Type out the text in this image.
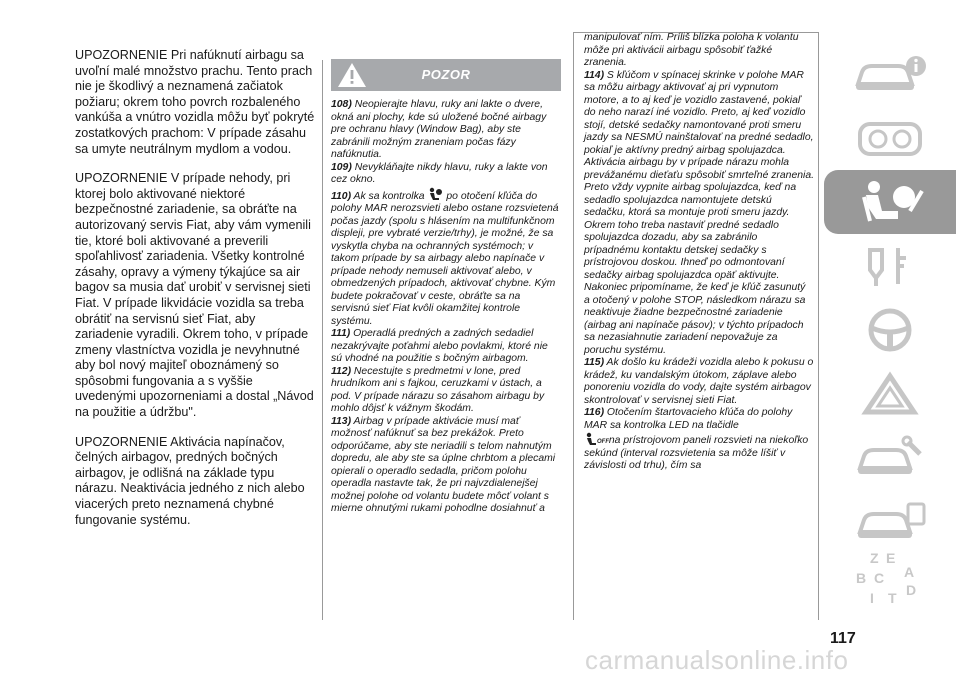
UPOZORNENIE Pri nafúknutí airbagu sa uvoľní malé množstvo prachu. Tento prach nie je škodlivý a neznamená začiatok požiaru; okrem toho povrch rozbaleného vankúša a vnútro vozidla môžu byť pokryté zostatkových prachom: V prípade zásahu sa umyte neutrálnym mydlom a vodou.

UPOZORNENIE V prípade nehody, pri ktorej bolo aktivované niektoré bezpečnostné zariadenie, sa obráťte na autorizovaný servis Fiat, aby vám vymenili tie, ktoré boli aktivované a preverili spoľahlivosť zariadenia. Všetky kontrolné zásahy, opravy a výmeny týkajúce sa air bagov sa musia dať urobiť v servisnej sieti Fiat. V prípade likvidácie vozidla sa treba obrátiť na servisnú sieť Fiat, aby zariadenie vyradili. Okrem toho, v prípade zmeny vlastníctva vozidla je nevyhnutné aby bol nový majiteľ oboznámený so spôsobmi fungovania a s vyššie uvedenými upozorneniami a dostal „Návod na použitie a údržbu".

UPOZORNENIE Aktivácia napínačov, čelných airbagov, predných bočných airbagov, je odlišná na základe typu nárazu. Neaktivácia jedného z nich alebo viacerých preto neznamená chybné fungovanie systému.

POZOR

108) Neopierajte hlavu, ruky ani lakte o dvere, okná ani plochy, kde sú uložené bočné airbagy pre ochranu hlavy (Window Bag), aby ste zabránili možným zraneniam počas fázy nafúknutia.

109) Nevykláňajte nikdy hlavu, ruky a lakte von cez okno.

110) Ak sa kontrolka po otočení kľúča do polohy MAR nerozsvieti alebo ostane rozsvietená počas jazdy (spolu s hlásením na multifunkčnom displeji, pre vybraté verzie/trhy), je možné, že sa vyskytla chyba na ochranných systémoch; v takom prípade by sa airbagy alebo napínače v prípade nehody nemuseli aktivovať alebo, v obmedzených prípadoch, aktivovať chybne. Kým budete pokračovať v ceste, obráťte sa na servisnú sieť Fiat kvôli okamžitej kontrole systému.

111) Operadlá predných a zadných sedadiel nezakrývajte poťahmi alebo povlakmi, ktoré nie sú vhodné na použitie s bočným airbagom.

112) Necestujte s predmetmi v lone, pred hrudníkom ani s fajkou, ceruzkami v ústach, a pod. V prípade nárazu so zásahom airbagu by mohlo dôjsť k vážnym škodám.

113) Airbag v prípade aktivácie musí mať možnosť nafúknuť sa bez prekážok. Preto odporúčame, aby ste neriadili s telom nahnutým dopredu, ale aby ste sa úplne chrbtom a plecami opierali o operadlo sedadla, pričom polohu operadla nastavte tak, že pri najvzdialenejšej možnej polohe od volantu budete môcť volant s mierne ohnutými rukami pohodlne dosiahnuť a

manipulovať ním. Príliš blízka poloha k volantu môže pri aktivácii airbagu spôsobiť ťažké zranenia.

114) S kľúčom v spínacej skrinke v polohe MAR sa môžu airbagy aktivovať aj pri vypnutom motore, a to aj keď je vozidlo zastavené, pokiaľ do neho narazí iné vozidlo. Preto, aj keď vozidlo stojí, detské sedačky namontované proti smeru jazdy sa NESMÚ nainštalovať na predné sedadlo, pokiaľ je aktívny predný airbag spolujazdca. Aktivácia airbagu by v prípade nárazu mohla prevážanému dieťaťu spôsobiť smrteľné zranenia. Preto vždy vypnite airbag spolujazdca, keď na sedadlo spolujazdca namontujete detskú sedačku, ktorá sa montuje proti smeru jazdy. Okrem toho treba nastaviť predné sedadlo spolujazdca dozadu, aby sa zabránilo prípadnému kontaktu detskej sedačky s prístrojovou doskou. Ihneď po odmontovaní sedačky airbag spolujazdca opäť aktivujte. Nakoniec pripomíname, že keď je kľúč zasunutý a otočený v polohe STOP, následkom nárazu sa neaktivuje žiadne bezpečnostné zariadenie (airbag ani napínače pásov); v týchto prípadoch sa nezasiahnutie zariadení nepovažuje za poruchu systému.

115) Ak došlo ku krádeži vozidla alebo k pokusu o krádež, ku vandalským útokom, záplave alebo ponoreniu vozidla do vody, dajte systém airbagov skontrolovať v servisnej sieti Fiat.

116) Otočením štartovacieho kľúča do polohy MAR sa kontrolka LED na tlačidle

OFF na prístrojovom paneli rozsvieti na niekoľko sekúnd (interval rozsvietenia sa môže líšiť v závislosti od trhu), čím sa

Z E
A
B C
D
T
I
117
carmanualsonline.info
